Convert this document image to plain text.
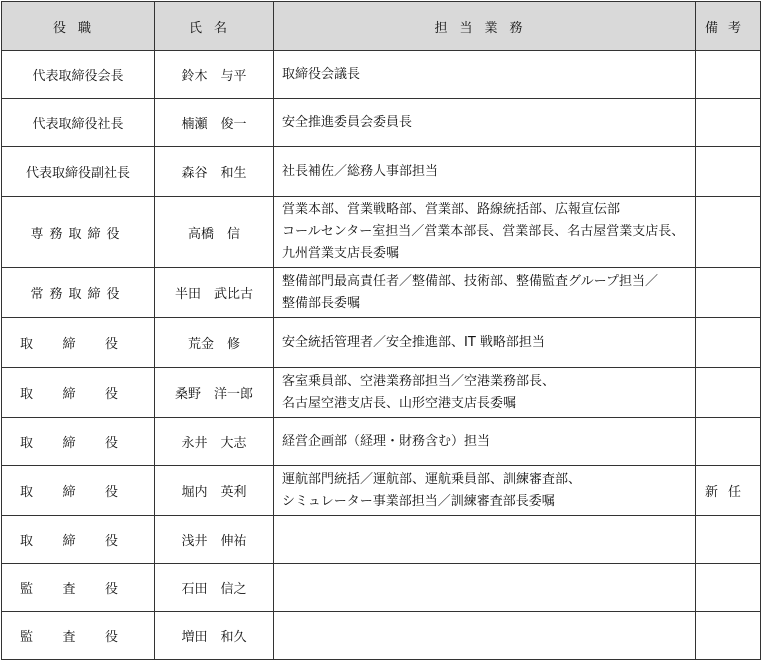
役職	氏名	担当業務	備考
代表取締役会長	鈴木　与平	取締役会議長	

代表取締役社長	楠瀬　俊一	安全推進委員会委員長	

代表取締役副社長	森谷　和生	社長補佐／総務人事部担当	

専務取締役	高橋　信	営業本部、営業戦略部、営業部、路線統括部、広報宣伝部
コールセンター室担当／営業本部長、営業部長、名古屋営業支店長、
九州営業支店長委嘱	

常務取締役	半田　武比古	整備部門最高責任者／整備部、技術部、整備監査グループ担当／
整備部長委嘱	

取 締 役	荒金　修	安全統括管理者／安全推進部、IT 戦略部担当	

取 締 役	桑野　洋一郎	客室乗員部、空港業務部担当／空港業務部長、
名古屋空港支店長、山形空港支店長委嘱	

取 締 役	永井　大志	経営企画部（経理・財務含む）担当	

取 締 役	堀内　英利	運航部門統括／運航部、運航乗員部、訓練審査部、
シミュレーター事業部担当／訓練審査部長委嘱	新任

取 締 役	浅井　伸祐		

監 査 役	石田　信之		

監 査 役	増田　和久		
